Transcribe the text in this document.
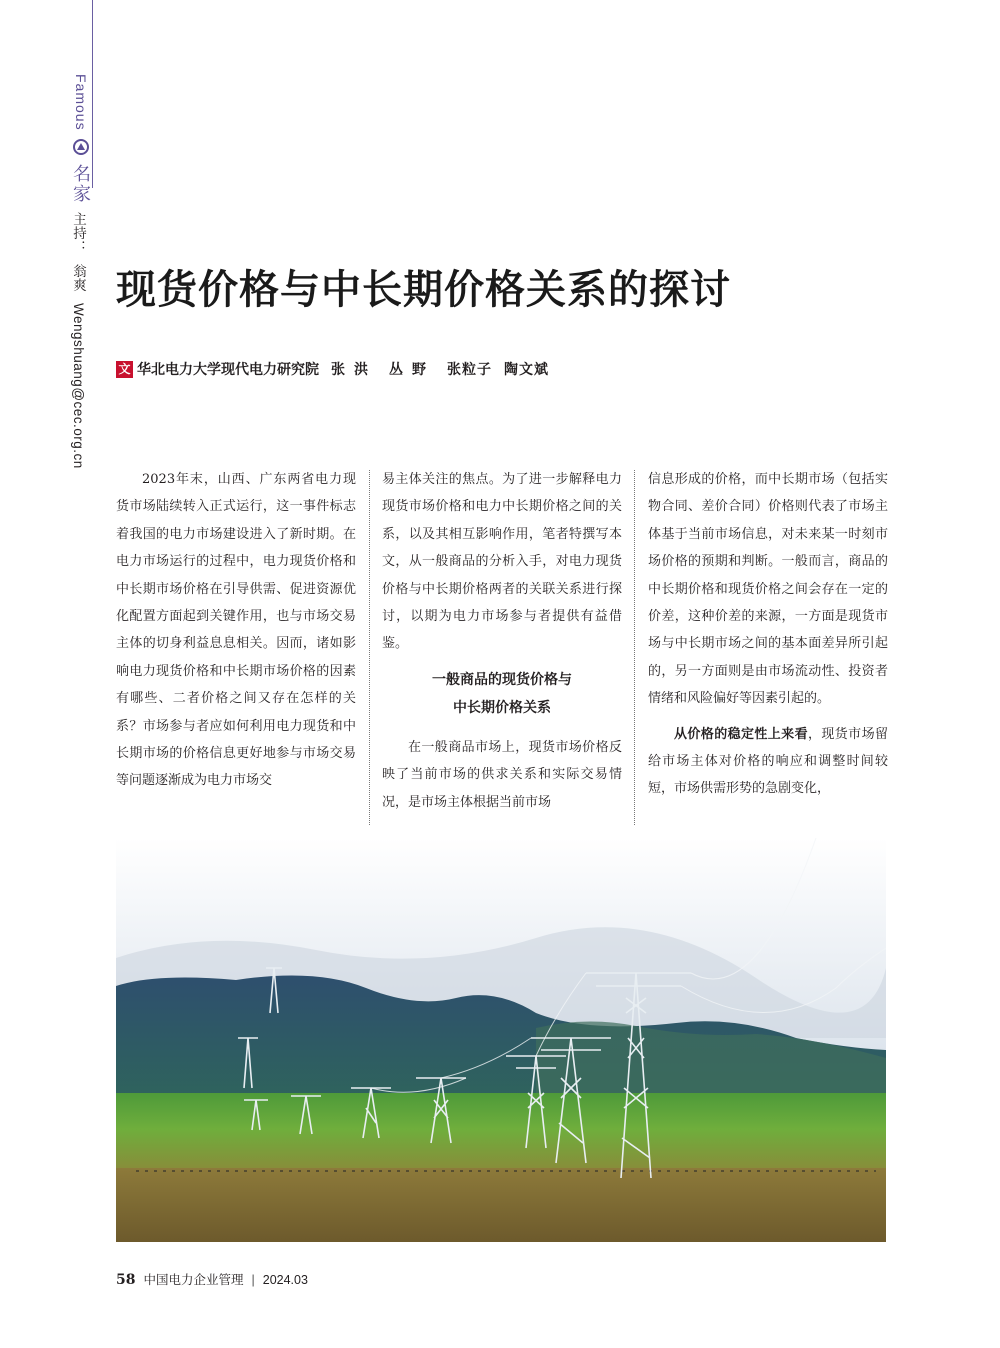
Famous  名家
主持： 翁爽 Wengshuang@cec.org.cn
现货价格与中长期价格关系的探讨
文 华北电力大学现代电力研究院 张洪 丛野 张粒子 陶文斌

2023年末，山西、广东两省电力现货市场陆续转入正式运行，这一事件标志着我国的电力市场建设进入了新时期。在电力市场运行的过程中，电力现货价格和中长期市场价格在引导供需、促进资源优化配置方面起到关键作用，也与市场交易主体的切身利益息息相关。因而，诸如影响电力现货价格和中长期市场价格的因素有哪些、二者价格之间又存在怎样的关系？市场参与者应如何利用电力现货和中长期市场的价格信息更好地参与市场交易等问题逐渐成为电力市场交

易主体关注的焦点。为了进一步解释电力现货市场价格和电力中长期价格之间的关系，以及其相互影响作用，笔者特撰写本文，从一般商品的分析入手，对电力现货价格与中长期价格两者的关联关系进行探讨，以期为电力市场参与者提供有益借鉴。

一般商品的现货价格与
中长期价格关系

在一般商品市场上，现货市场价格反映了当前市场的供求关系和实际交易情况，是市场主体根据当前市场

信息形成的价格，而中长期市场（包括实物合同、差价合同）价格则代表了市场主体基于当前市场信息，对未来某一时刻市场价格的预期和判断。一般而言，商品的中长期价格和现货价格之间会存在一定的价差，这种价差的来源，一方面是现货市场与中长期市场之间的基本面差异所引起的，另一方面则是由市场流动性、投资者情绪和风险偏好等因素引起的。

从价格的稳定性上来看，现货市场留给市场主体对价格的响应和调整时间较短，市场供需形势的急剧变化，

58 中国电力企业管理 | 2024.03
